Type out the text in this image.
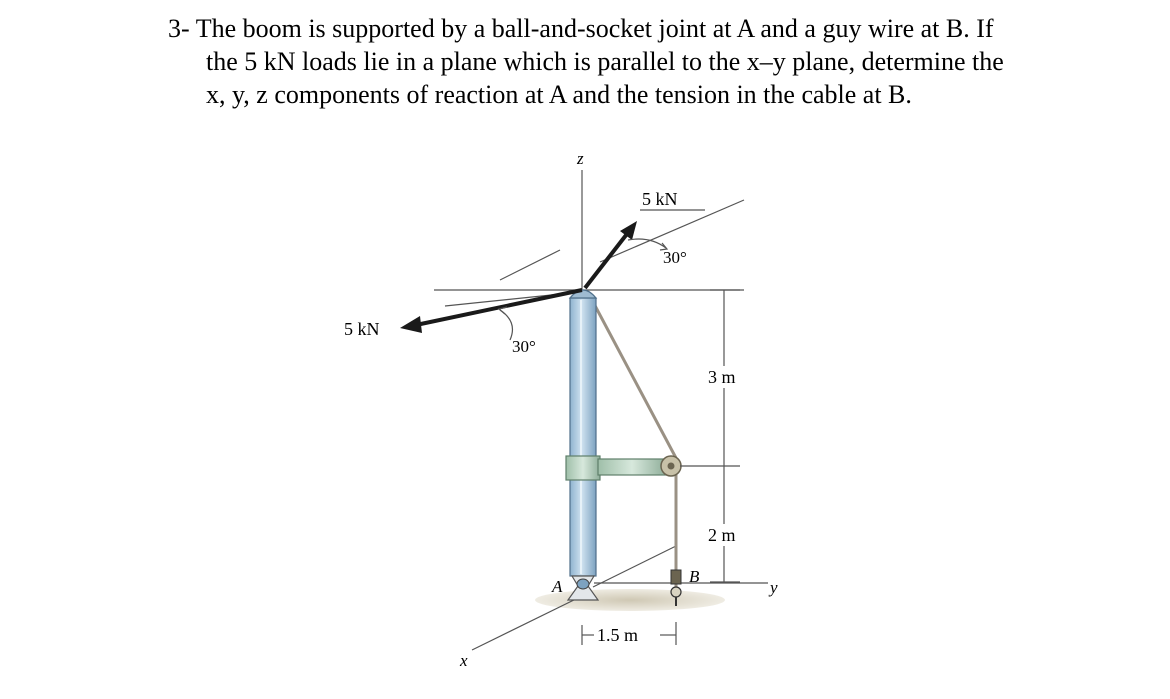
3- The boom is supported by a ball-and-socket joint at A and a guy wire at B. If
the 5 kN loads lie in a plane which is parallel to the x–y plane, determine the
x, y, z components of reaction at A and the tension in the cable at B.
z
x
y
A
B
5 kN
30°
5 kN
30°
3 m
2 m
1.5 m
